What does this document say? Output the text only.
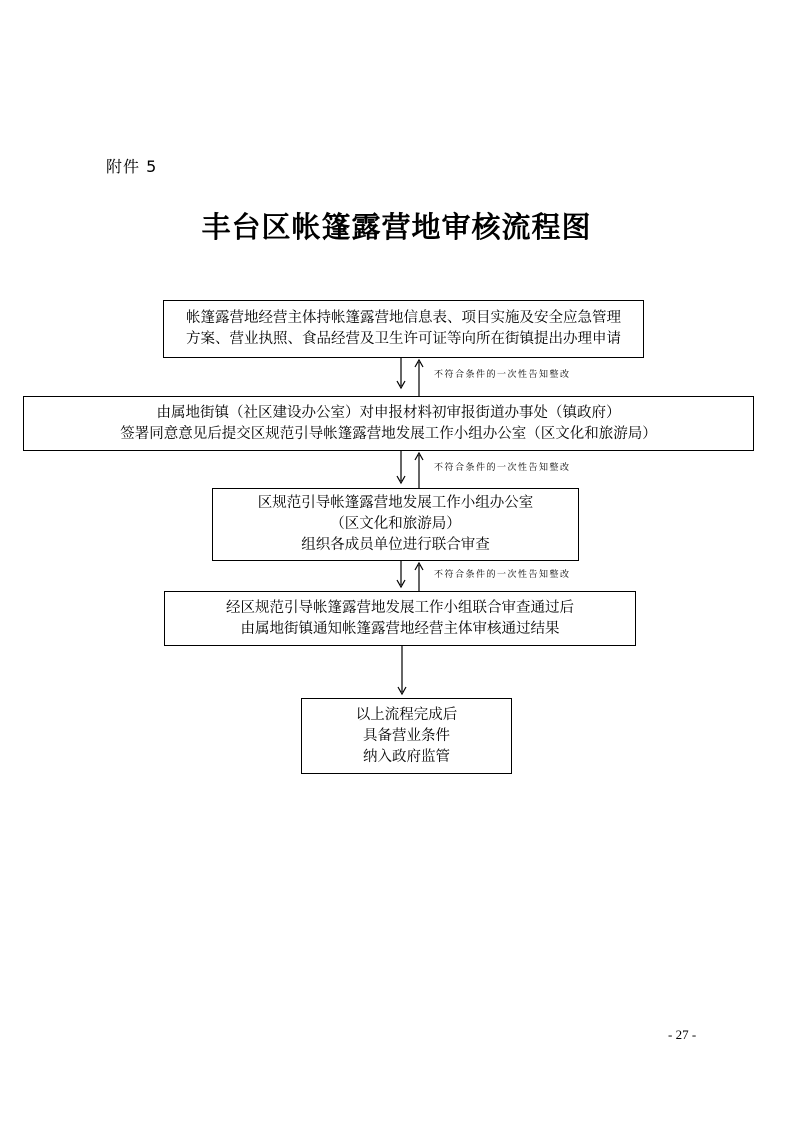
附件 5
丰台区帐篷露营地审核流程图
帐篷露营地经营主体持帐篷露营地信息表、项目实施及安全应急管理
方案、营业执照、食品经营及卫生许可证等向所在街镇提出办理申请
由属地街镇（社区建设办公室）对申报材料初审报街道办事处（镇政府）
签署同意意见后提交区规范引导帐篷露营地发展工作小组办公室（区文化和旅游局）
区规范引导帐篷露营地发展工作小组办公室
（区文化和旅游局）
组织各成员单位进行联合审查
经区规范引导帐篷露营地发展工作小组联合审查通过后
由属地街镇通知帐篷露营地经营主体审核通过结果
以上流程完成后
具备营业条件
纳入政府监管
不符合条件的一次性告知整改
不符合条件的一次性告知整改
不符合条件的一次性告知整改
- 27 -
